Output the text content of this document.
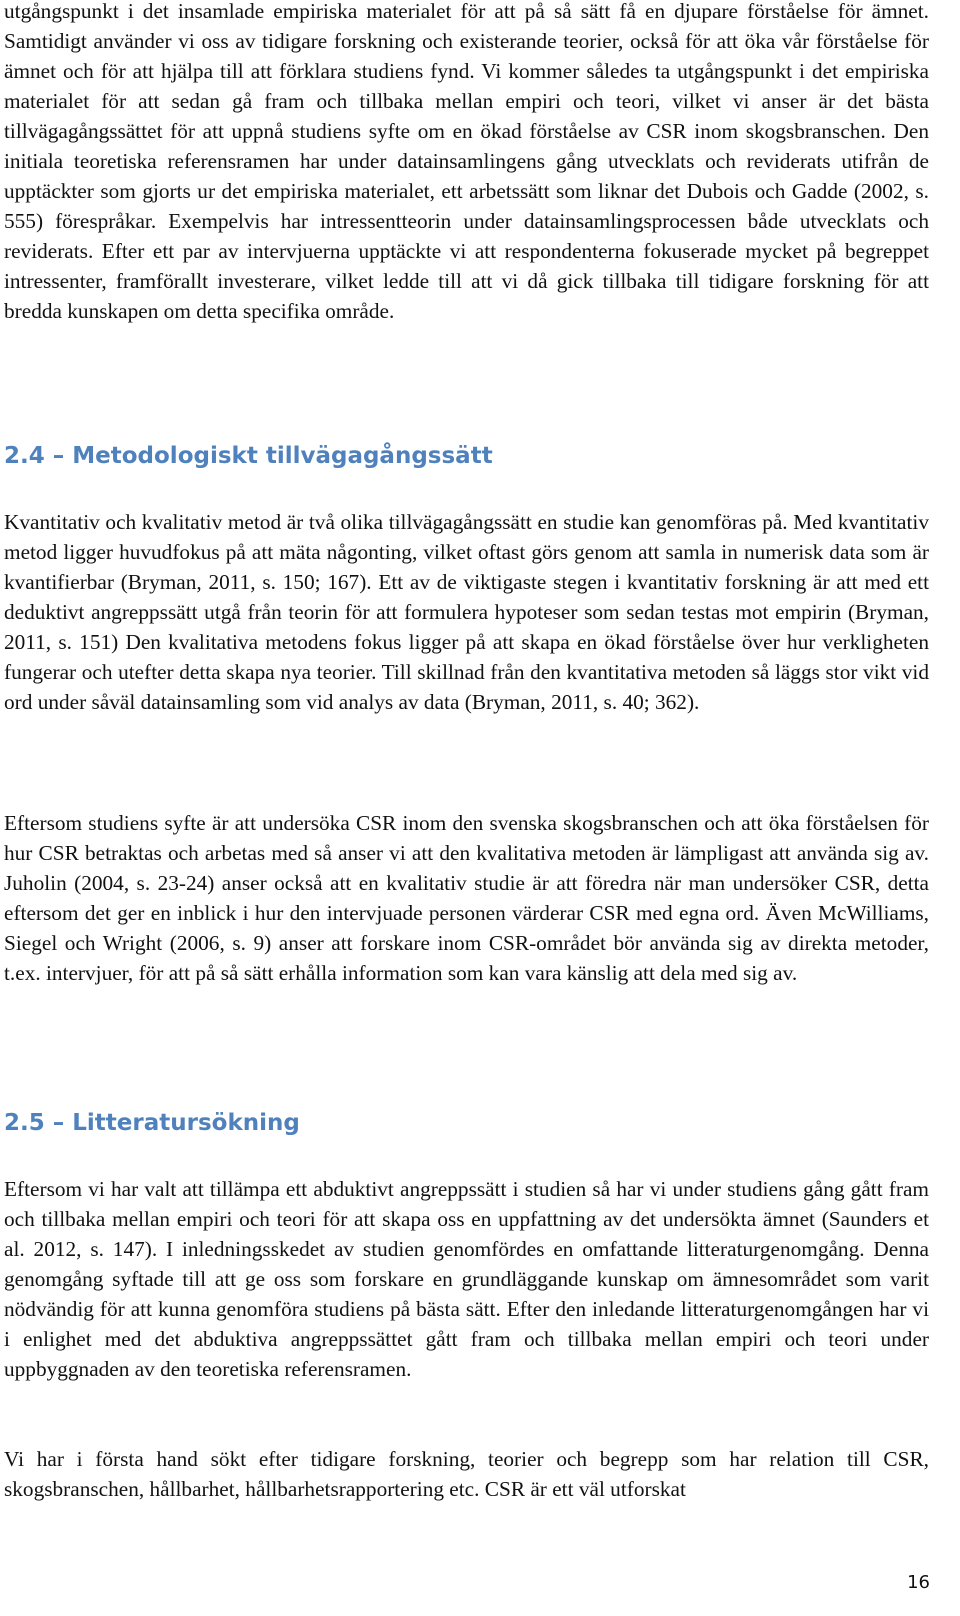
utgångspunkt i det insamlade empiriska materialet för att på så sätt få en djupare förståelse för ämnet. Samtidigt använder vi oss av tidigare forskning och existerande teorier, också för att öka vår förståelse för ämnet och för att hjälpa till att förklara studiens fynd. Vi kommer således ta utgångspunkt i det empiriska materialet för att sedan gå fram och tillbaka mellan empiri och teori, vilket vi anser är det bästa tillvägagångssättet för att uppnå studiens syfte om en ökad förståelse av CSR inom skogsbranschen. Den initiala teoretiska referensramen har under datainsamlingens gång utvecklats och reviderats utifrån de upptäckter som gjorts ur det empiriska materialet, ett arbetssätt som liknar det Dubois och Gadde (2002, s. 555) förespråkar. Exempelvis har intressentteorin under datainsamlingsprocessen både utvecklats och reviderats. Efter ett par av intervjuerna upptäckte vi att respondenterna fokuserade mycket på begreppet intressenter, framförallt investerare, vilket ledde till att vi då gick tillbaka till tidigare forskning för att bredda kunskapen om detta specifika område.

2.4 – Metodologiskt tillvägagångssätt

Kvantitativ och kvalitativ metod är två olika tillvägagångssätt en studie kan genomföras på. Med kvantitativ metod ligger huvudfokus på att mäta någonting, vilket oftast görs genom att samla in numerisk data som är kvantifierbar (Bryman, 2011, s. 150; 167). Ett av de viktigaste stegen i kvantitativ forskning är att med ett deduktivt angreppssätt utgå från teorin för att formulera hypoteser som sedan testas mot empirin (Bryman, 2011, s. 151) Den kvalitativa metodens fokus ligger på att skapa en ökad förståelse över hur verkligheten fungerar och utefter detta skapa nya teorier. Till skillnad från den kvantitativa metoden så läggs stor vikt vid ord under såväl datainsamling som vid analys av data (Bryman, 2011, s. 40; 362).

Eftersom studiens syfte är att undersöka CSR inom den svenska skogsbranschen och att öka förståelsen för hur CSR betraktas och arbetas med så anser vi att den kvalitativa metoden är lämpligast att använda sig av. Juholin (2004, s. 23-24) anser också att en kvalitativ studie är att föredra när man undersöker CSR, detta eftersom det ger en inblick i hur den intervjuade personen värderar CSR med egna ord. Även McWilliams, Siegel och Wright (2006, s. 9) anser att forskare inom CSR-området bör använda sig av direkta metoder, t.ex. intervjuer, för att på så sätt erhålla information som kan vara känslig att dela med sig av.

2.5 – Litteratursökning

Eftersom vi har valt att tillämpa ett abduktivt angreppssätt i studien så har vi under studiens gång gått fram och tillbaka mellan empiri och teori för att skapa oss en uppfattning av det undersökta ämnet (Saunders et al. 2012, s. 147). I inledningsskedet av studien genomfördes en omfattande litteraturgenomgång. Denna genomgång syftade till att ge oss som forskare en grundläggande kunskap om ämnesområdet som varit nödvändig för att kunna genomföra studiens på bästa sätt. Efter den inledande litteraturgenomgången har vi i enlighet med det abduktiva angreppssättet gått fram och tillbaka mellan empiri och teori under uppbyggnaden av den teoretiska referensramen.

Vi har i första hand sökt efter tidigare forskning, teorier och begrepp som har relation till CSR, skogsbranschen, hållbarhet, hållbarhetsrapportering etc. CSR är ett väl utforskat

16
